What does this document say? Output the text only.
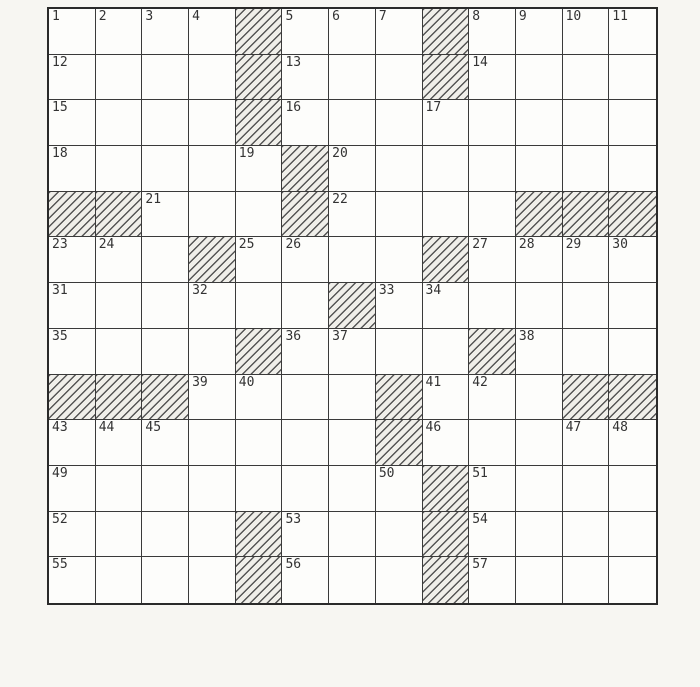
1	2	3	4	5	6	7	8	9	10 11
12	13	14
15	16	17
18	19	20
21	22
23 24	25 26	27 28 29 30
31	32	33 34
35	36 37	38
39 40	41 42
43 44 45	46	47 48
49	50	51
52	53	54
55	56	57
